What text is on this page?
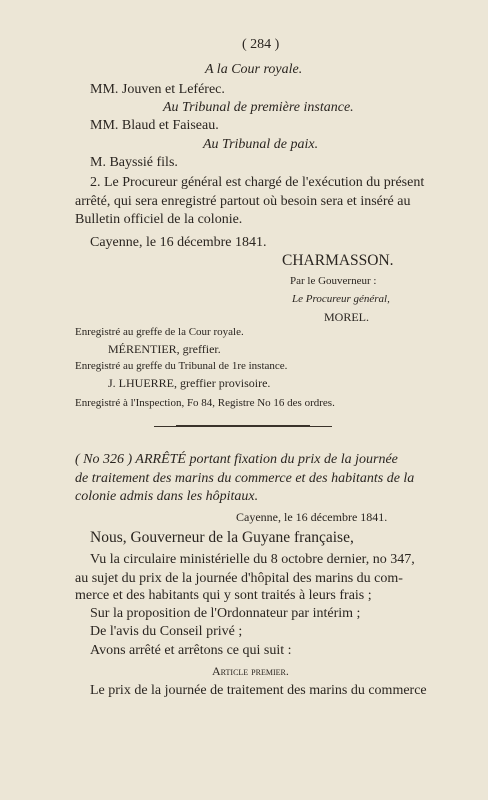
( 284 )
A la Cour royale.
MM. Jouven et Leférec.
Au Tribunal de première instance.
MM. Blaud et Faiseau.
Au Tribunal de paix.
M. Bayssié fils.
2. Le Procureur général est chargé de l'exécution du présent
arrêté, qui sera enregistré partout où besoin sera et inséré au
Bulletin officiel de la colonie.
Cayenne, le 16 décembre 1841.
CHARMASSON.
Par le Gouverneur :
Le Procureur général,
MOREL.
Enregistré au greffe de la Cour royale.
MÉRENTIER, greffier.
Enregistré au greffe du Tribunal de 1re instance.
J. LHUERRE, greffier provisoire.
Enregistré à l'Inspection, Fo 84, Registre No 16 des ordres.
( No 326 ) ARRÊTÉ portant fixation du prix de la journée
de traitement des marins du commerce et des habitants de la
colonie admis dans les hôpitaux.
Cayenne, le 16 décembre 1841.
Nous, Gouverneur de la Guyane française,
Vu la circulaire ministérielle du 8 octobre dernier, no 347,
au sujet du prix de la journée d'hôpital des marins du com-
merce et des habitants qui y sont traités à leurs frais ;
Sur la proposition de l'Ordonnateur par intérim ;
De l'avis du Conseil privé ;
Avons arrêté et arrêtons ce qui suit :
Article premier.
Le prix de la journée de traitement des marins du commerce
